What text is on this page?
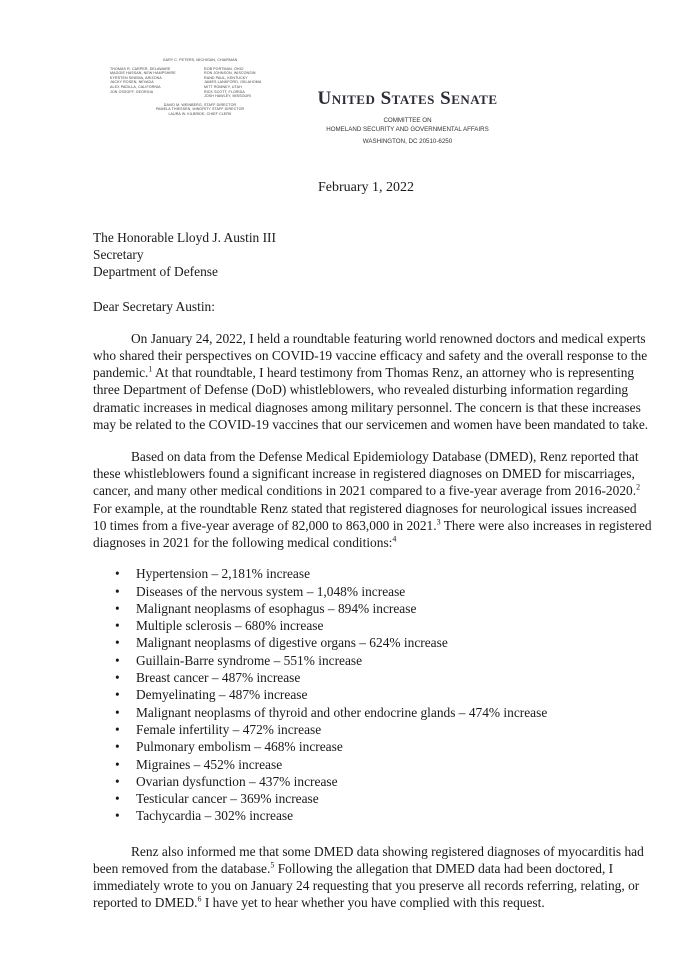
GARY C. PETERS, MICHIGAN, CHAIRMAN
THOMAS R. CARPER, DELAWARE
MAGGIE HASSAN, NEW HAMPSHIRE
KYRSTEN SINEMA, ARIZONA
JACKY ROSEN, NEVADA
ALEX PADILLA, CALIFORNIA
JON OSSOFF, GEORGIA
ROB PORTMAN, OHIO
RON JOHNSON, WISCONSIN
RAND PAUL, KENTUCKY
JAMES LANKFORD, OKLAHOMA
MITT ROMNEY, UTAH
RICK SCOTT, FLORIDA
JOSH HAWLEY, MISSOURI
DAVID M. WEINBERG, STAFF DIRECTOR
PAMELA THIESSEN, MINORITY STAFF DIRECTOR
LAURA W. KILBRIDE, CHIEF CLERK
United States Senate
COMMITTEE ON
HOMELAND SECURITY AND GOVERNMENTAL AFFAIRS
WASHINGTON, DC 20510-6250
February 1, 2022
The Honorable Lloyd J. Austin III
Secretary
Department of Defense
Dear Secretary Austin:
On January 24, 2022, I held a roundtable featuring world renowned doctors and medical experts who shared their perspectives on COVID-19 vaccine efficacy and safety and the overall response to the pandemic.$^1$ At that roundtable, I heard testimony from Thomas Renz, an attorney who is representing three Department of Defense (DoD) whistleblowers, who revealed disturbing information regarding dramatic increases in medical diagnoses among military personnel. The concern is that these increases may be related to the COVID-19 vaccines that our servicemen and women have been mandated to take.
Based on data from the Defense Medical Epidemiology Database (DMED), Renz reported that these whistleblowers found a significant increase in registered diagnoses on DMED for miscarriages, cancer, and many other medical conditions in 2021 compared to a five-year average from 2016-2020.$^2$ For example, at the roundtable Renz stated that registered diagnoses for neurological issues increased 10 times from a five-year average of 82,000 to 863,000 in 2021.$^3$ There were also increases in registered diagnoses in 2021 for the following medical conditions:$^4$
• Hypertension – 2,181% increase
• Diseases of the nervous system – 1,048% increase
• Malignant neoplasms of esophagus – 894% increase
• Multiple sclerosis – 680% increase
• Malignant neoplasms of digestive organs – 624% increase
• Guillain-Barre syndrome – 551% increase
• Breast cancer – 487% increase
• Demyelinating – 487% increase
• Malignant neoplasms of thyroid and other endocrine glands – 474% increase
• Female infertility – 472% increase
• Pulmonary embolism – 468% increase
• Migraines – 452% increase
• Ovarian dysfunction – 437% increase
• Testicular cancer – 369% increase
• Tachycardia – 302% increase
Renz also informed me that some DMED data showing registered diagnoses of myocarditis had been removed from the database.$^5$ Following the allegation that DMED data had been doctored, I immediately wrote to you on January 24 requesting that you preserve all records referring, relating, or reported to DMED.$^6$ I have yet to hear whether you have complied with this request.
